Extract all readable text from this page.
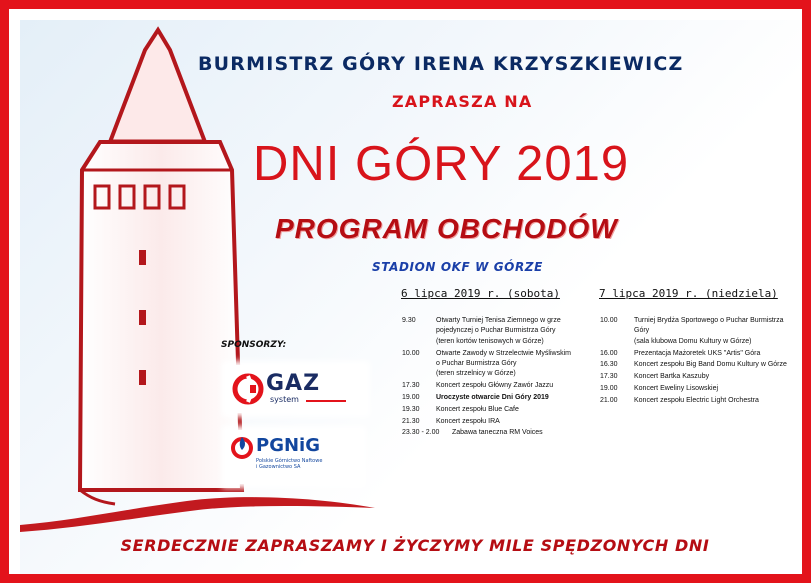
BURMISTRZ GÓRY IRENA KRZYSZKIEWICZ
ZAPRASZA NA
DNI GÓRY 2019
PROGRAM OBCHODÓW
STADION OKF W GÓRZE
6 lipca 2019 r. (sobota)	7 lipca 2019 r. (niedziela)
9.30	Otwarty Turniej Tenisa Ziemnego w grze
pojedynczej o Puchar Burmistrza Góry
(teren kortów tenisowych w Górze)
10.00	Otwarte Zawody w Strzelectwie Myśliwskim
o Puchar Burmistrza Góry
(teren strzelnicy w Górze)
17.30	Koncert zespołu Główny Zawór Jazzu
19.00	Uroczyste otwarcie Dni Góry 2019
19.30	Koncert zespołu Blue Cafe
21.30	Koncert zespołu IRA
23.30 - 2.00	Zabawa taneczna RM Voices
10.00	Turniej Brydża Sportowego o Puchar Burmistrza Góry
(sala klubowa Domu Kultury w Górze)
16.00	Prezentacja Mażoretek UKS "Artis" Góra
16.30	Koncert zespołu Big Band Domu Kultury w Górze
17.30	Koncert Bartka Kaszuby
19.00	Koncert Eweliny Lisowskiej
21.00	Koncert zespołu Electric Light Orchestra
SPONSORZY:
GAZ
system
PGNiG
Polskie Górnictwo Naftowe
i Gazownictwo SA
SERDECZNIE ZAPRASZAMY I ŻYCZYMY MILE SPĘDZONYCH DNI
